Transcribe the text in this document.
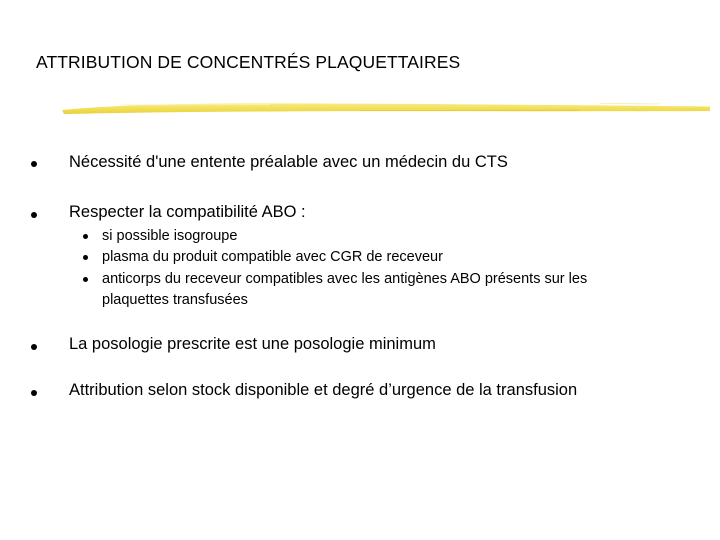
ATTRIBUTION DE CONCENTRÉS PLAQUETTAIRES
Nécessité d'une entente préalable avec un médecin du CTS
Respecter la compatibilité ABO :
si possible isogroupe
plasma du produit compatible avec CGR de receveur
anticorps du receveur compatibles avec les antigènes ABO présents sur les
plaquettes transfusées
La posologie prescrite est une posologie minimum
Attribution selon stock disponible et degré d’urgence de la transfusion
